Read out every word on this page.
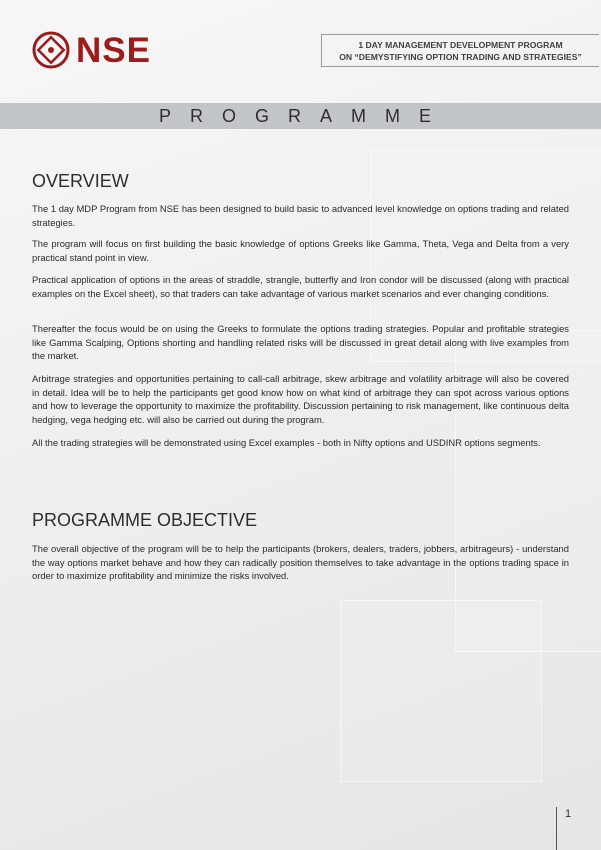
NSE	1 DAY MANAGEMENT DEVELOPMENT PROGRAM
ON “DEMYSTIFYING OPTION TRADING AND STRATEGIES”
PROGRAMME
OVERVIEW

The 1 day MDP Program from NSE has been designed to build basic to advanced level knowledge on options trading and related strategies.

The program will focus on first building the basic knowledge of options Greeks like Gamma, Theta, Vega and Delta from a very practical stand point in view.

Practical application of options in the areas of straddle, strangle, butterfly and Iron condor will be discussed (along with practical examples on the Excel sheet), so that traders can take advantage of various market scenarios and ever changing conditions.

Thereafter the focus would be on using the Greeks to formulate the options trading strategies. Popular and profitable strategies like Gamma Scalping, Options shorting and handling related risks will be discussed in great detail along with live examples from the market.

Arbitrage strategies and opportunities pertaining to call-call arbitrage, skew arbitrage and volatility arbitrage will also be covered in detail. Idea will be to help the participants get good know how on what kind of arbitrage they can spot across various options and how to leverage the opportunity to maximize the profitability. Discussion pertaining to risk management, like continuous delta hedging, vega hedging etc. will also be carried out during the program.

All the trading strategies will be demonstrated using Excel examples - both in Nifty options and USDINR options segments.

PROGRAMME OBJECTIVE

The overall objective of the program will be to help the participants (brokers, dealers, traders, jobbers, arbitrageurs) - understand the way options market behave and how they can radically position themselves to take advantage in the options trading space in order to maximize profitability and minimize the risks involved.

1
